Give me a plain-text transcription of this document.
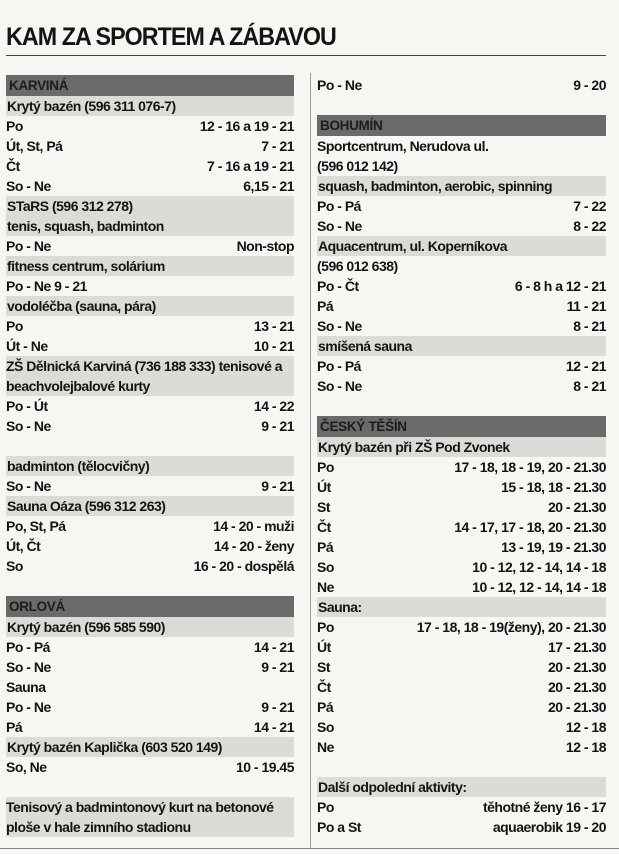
KAM ZA SPORTEM A ZÁBAVOU
KARVINÁ
Krytý bazén (596 311 076-7)
Po	12 - 16 a 19 - 21
Út, St, Pá	7 - 21
Čt	7 - 16 a 19 - 21
So - Ne	6,15 - 21
STaRS (596 312 278)
tenis, squash, badminton
Po - Ne	Non-stop
fitness centrum, solárium
Po - Ne 9 - 21
vodoléčba (sauna, pára)
Po	13 - 21
Út - Ne	10 - 21
ZŠ Dělnická Karviná (736 188 333) tenisové a beachvolejbalové kurty
Po - Út	14 - 22
So - Ne	9 - 21
badminton (tělocvičny)
So - Ne	9 - 21
Sauna Oáza (596 312 263)
Po, St, Pá	14 - 20 - muži
Út, Čt	14 - 20 - ženy
So	16 - 20 - dospělá
ORLOVÁ
Krytý bazén (596 585 590)
Po - Pá	14 - 21
So - Ne	9 - 21
Sauna
Po - Ne	9 - 21
Pá	14 - 21
Krytý bazén Kaplička (603 520 149)
So, Ne	10 - 19.45
Tenisový a badmintonový kurt na betonové ploše v hale zimního stadionu
Po - Ne	9 - 20
BOHUMÍN
Sportcentrum, Nerudova ul.
(596 012 142)
squash, badminton, aerobic, spinning
Po - Pá	7 - 22
So - Ne	8 - 22
Aquacentrum, ul. Koperníkova
(596 012 638)
Po - Čt	6 - 8 h a 12 - 21
Pá	11 - 21
So - Ne	8 - 21
smíšená sauna
Po - Pá	12 - 21
So - Ne	8 - 21
ČESKÝ TĚŠÍN
Krytý bazén při ZŠ Pod Zvonek
Po	17 - 18, 18 - 19, 20 - 21.30
Út	15 - 18, 18 - 21.30
St	20 - 21.30
Čt	14 - 17, 17 - 18, 20 - 21.30
Pá	13 - 19, 19 - 21.30
So	10 - 12, 12 - 14, 14 - 18
Ne	10 - 12, 12 - 14, 14 - 18
Sauna:
Po	17 - 18, 18 - 19(ženy), 20 - 21.30
Út	17 - 21.30
St	20 - 21.30
Čt	20 - 21.30
Pá	20 - 21.30
So	12 - 18
Ne	12 - 18
Další odpolední aktivity:
Po	těhotné ženy 16 - 17
Po a St	aquaerobik 19 - 20
